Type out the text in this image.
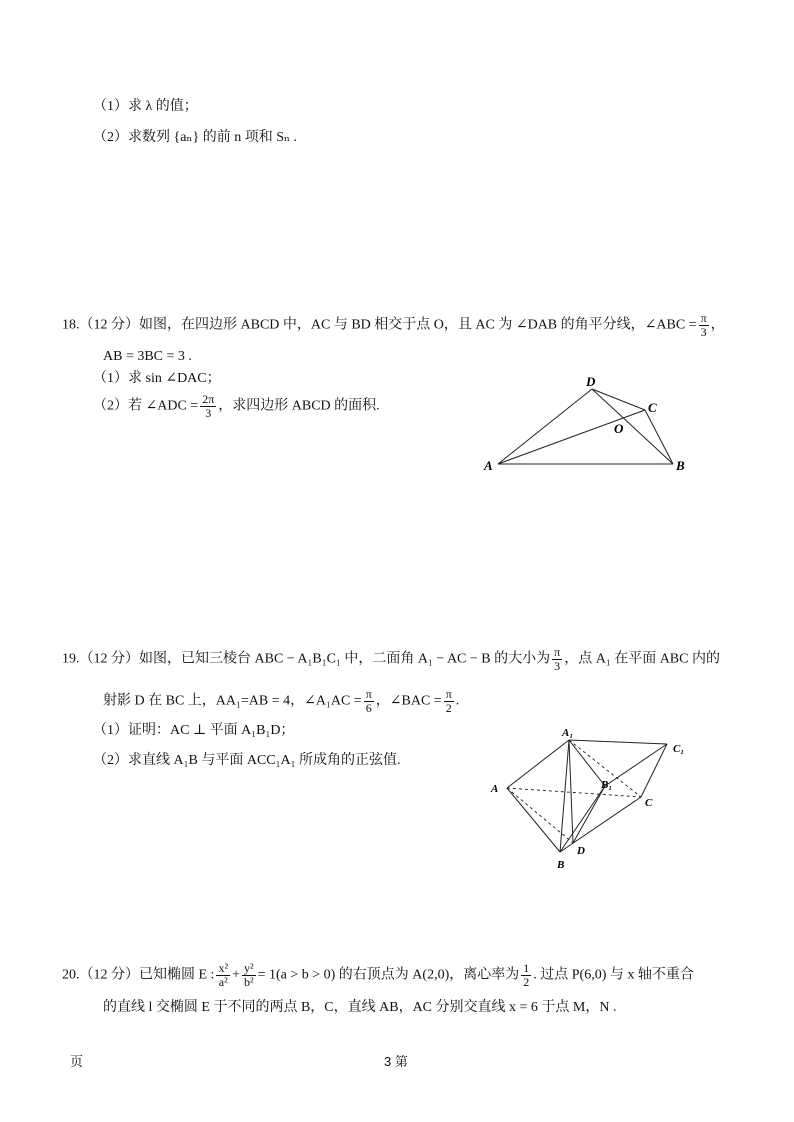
（1）求 λ 的值；
（2）求数列 {aₙ} 的前 n 项和 Sₙ .
18.（12 分）如图，在四边形 ABCD 中，AC 与 BD 相交于点 O，且 AC 为 ∠DAB 的角平分线，∠ABC = $\frac{\pi}{3}$ ，
AB = 3BC = 3 .
（1）求 sin ∠DAC；
（2）若 ∠ADC = $\frac{2\pi}{3}$ ，求四边形 ABCD 的面积.
D
C
O
A	B
19.（12 分）如图，已知三棱台 ABC − A₁B₁C₁ 中，二面角 A₁ − AC − B 的大小为 $\frac{\pi}{3}$ ，点 A₁ 在平面 ABC 内的
射影 D 在 BC 上，AA₁=AB = 4，∠A₁AC = $\frac{\pi}{6}$ ，∠BAC = $\frac{\pi}{2}$ .
（1）证明：AC ⊥ 平面 A₁B₁D；
（2）求直线 A₁B 与平面 ACC₁A₁ 所成角的正弦值.
A₁
C₁
B₁
A
C
D
B
20.（12 分）已知椭圆 E : $\frac{\text{x²}}{\text{a²}} + \frac{\text{y²}}{\text{b²}} = 1(a > b > 0)$ 的右顶点为 A(2,0)，离心率为 $\frac{1}{2}$ . 过点 P(6,0) 与 x 轴不重合
的直线 l 交椭圆 E 于不同的两点 B，C，直线 AB，AC 分别交直线 x = 6 于点 M，N .
页	3 第
